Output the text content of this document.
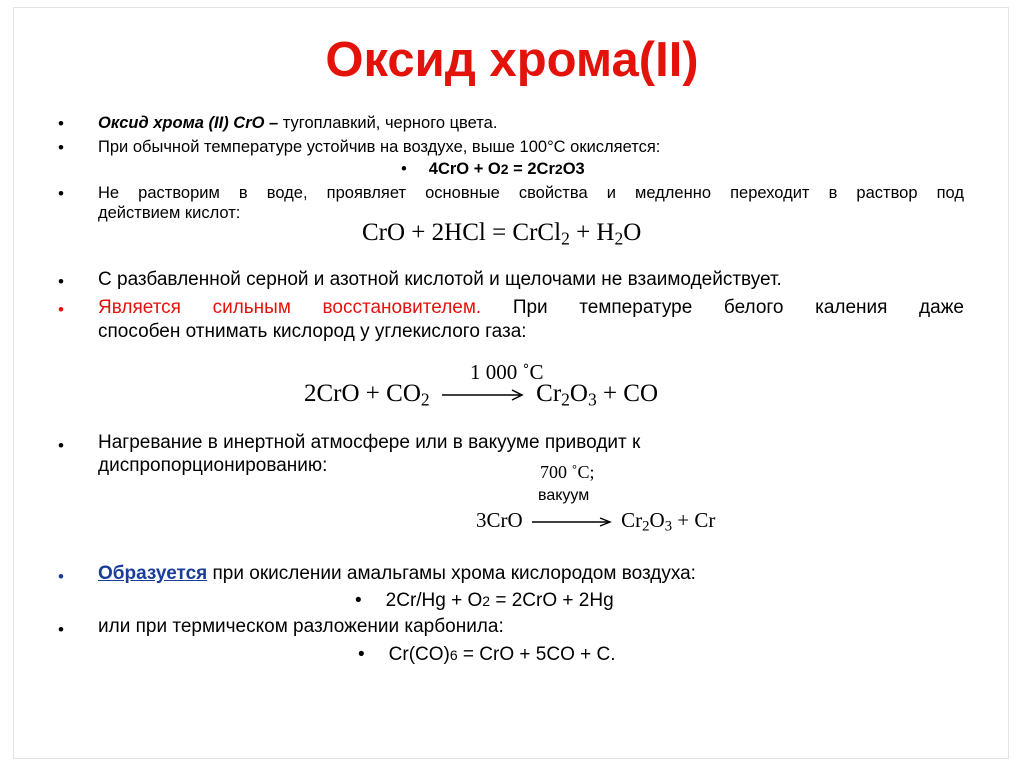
Оксид хрома(II)
• Оксид хрома (II) CrO – тугоплавкий, черного цвета.
• При обычной температуре устойчив на воздухе, выше 100°С окисляется:
• 4CrO + O2 = 2Cr2O3
• Не растворим в воде, проявляет основные свойства и медленно переходит в раствор под
действием кислот:
CrO + 2HCl = CrCl$_2$ + $H_2O$
• С разбавленной серной и азотной кислотой и щелочами не взаимодействует.
• Является сильным восстановителем. При температуре белого каления даже
способен отнимать кислород у углекислого газа:
1 000 ˚С
$2CrO + CO_2 \to Cr_2O_3$ + CO
• Нагревание в инертной атмосфере или в вакууме приводит к
диспропорционированию:	700 ˚С;
вакуум
$3CrO \to Cr_2O_3 + Cr$
• Образуется при окислении амальгамы хрома кислородом воздуха:
• 2Cr/Hg + O2 = 2CrO + 2Hg
• или при термическом разложении карбонила:
• Cr(CO)6 = CrO + 5CO + C.
